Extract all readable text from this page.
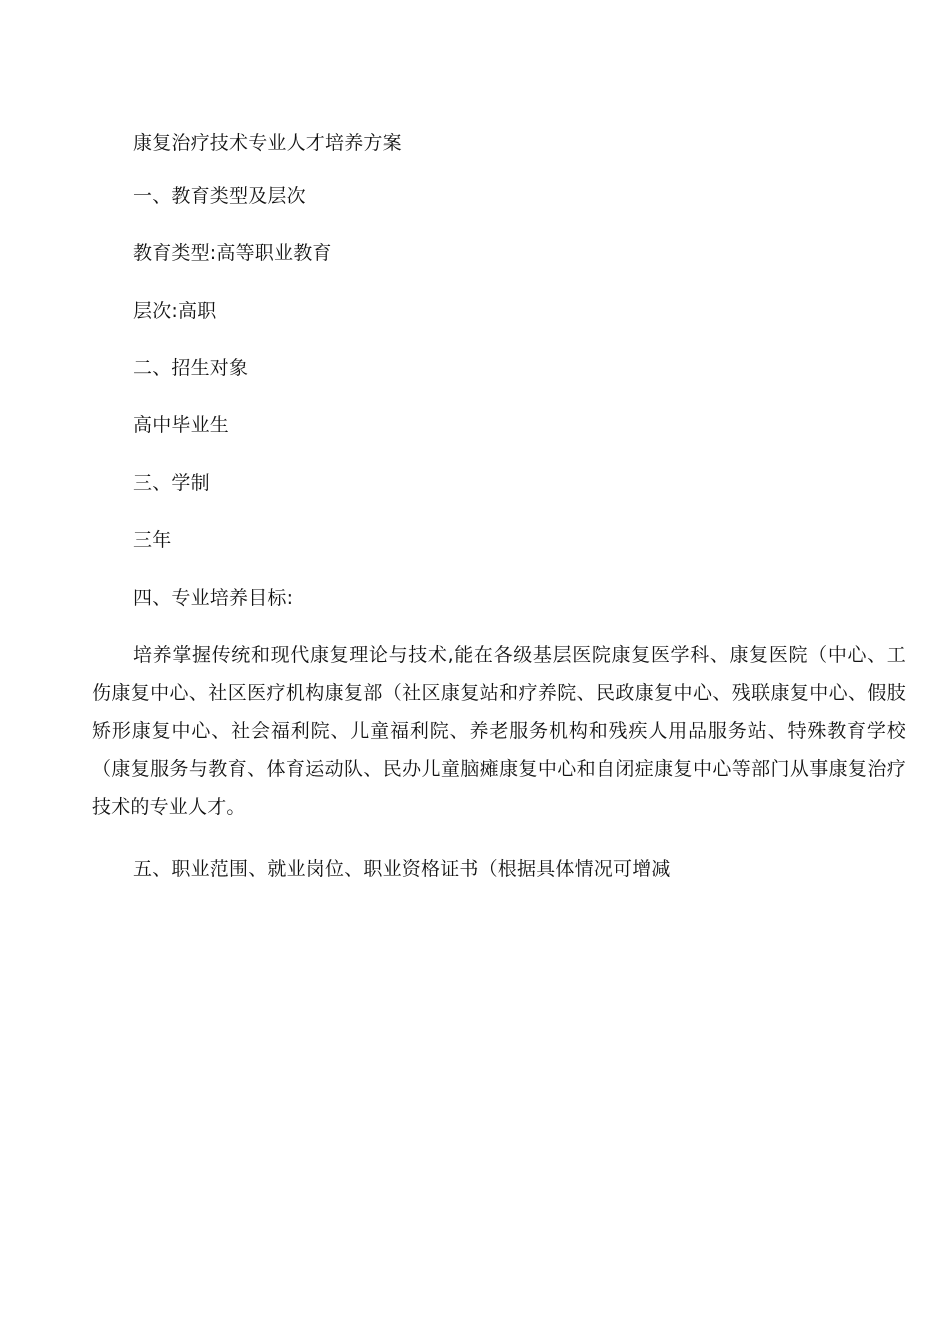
康复治疗技术专业人才培养方案
一、教育类型及层次
教育类型:高等职业教育
层次:高职
二、招生对象
高中毕业生
三、学制
三年
四、专业培养目标:
培养掌握传统和现代康复理论与技术,能在各级基层医院康复医学科、康复医院（中心、工伤康复中心、社区医疗机构康复部（社区康复站和疗养院、民政康复中心、残联康复中心、假肢矫形康复中心、社会福利院、儿童福利院、养老服务机构和残疾人用品服务站、特殊教育学校（康复服务与教育、体育运动队、民办儿童脑瘫康复中心和自闭症康复中心等部门从事康复治疗技术的专业人才。
五、职业范围、就业岗位、职业资格证书（根据具体情况可增减
